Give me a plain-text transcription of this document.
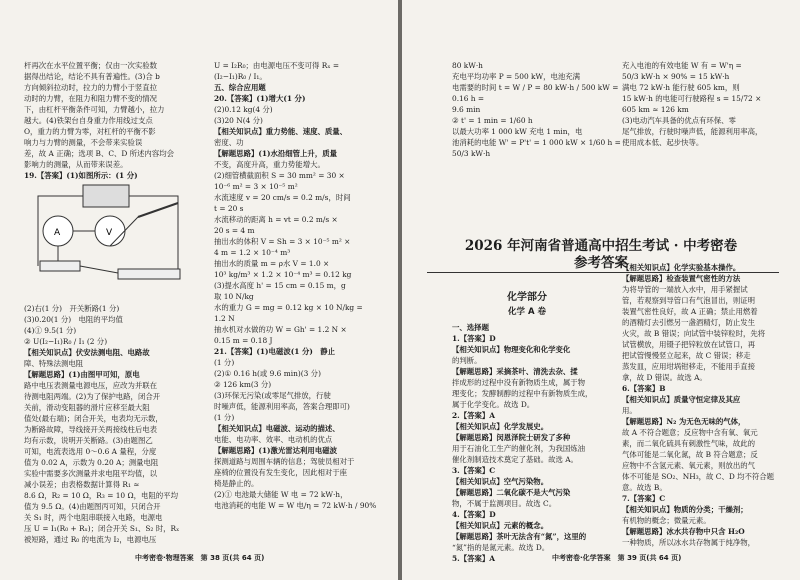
杆再次在水平位置平衡；仅由一次实验数

据得出结论，结论不具有普遍性。(3)合 b

方向倾斜拉动时，拉力的力臂小于竖直拉

动时的力臂，在阻力和阻力臂不变的情况

下，由杠杆平衡条件可知，力臂越小，拉力

越大。(4)铁架台自身重力作用线过支点

O，重力的力臂为零，对杠杆的平衡不影

响力与力臂的测量，不会带来实验误

差，故 A 正确；选项 B、C、D 所述内容均会

影响力的测量，从而带来误差。

19.【答案】(1)如图所示：(1 分)

A	V

(2)右(1 分)　开关断路(1 分)

(3)0.20(1 分)　电阻的平均值

(4)① 9.5(1 分)

② U(I₂−I₁)R₀ / I₁ (2 分)

【相关知识点】伏安法测电阻、电路故

障、特殊法测电阻

【解题思路】(1)由图甲可知，原电

路中电压表测量电源电压，应改为并联在

待测电阻两端。(2)为了保护电路，闭合开

关前，滑动变阻器的滑片应移至最大阻

值处(最右端)；闭合开关，电表均无示数，

为断路故障，导线接开关两接线柱后电表

均有示数，说明开关断路。(3)由题图乙

可知，电流表选用 0～0.6 A 量程，分度

值为 0.02 A，示数为 0.20 A；测量电阻

实验中需要多次测量并求电阻平均值，以

减小误差；由表格数据计算得 R₁ ≈

8.6 Ω，R₂ = 10 Ω，R₃ = 10 Ω，电阻的平均

值为 9.5 Ω。(4)由题图丙可知，只闭合开

关 S₁ 时，两个电阻串联接入电路，电源电

压 U = I₁(R₀ + Rₓ)；闭合开关 S₁、S₂ 时，Rₓ

被短路，通过 R₀ 的电流为 I₂，电源电压

U = I₂R₀；由电源电压不变可得 Rₓ =

(I₂−I₁)R₀ / I₁。

五、综合应用题

20.【答案】(1)增大(1 分)

(2)0.12 kg(4 分)

(3)20 N(4 分)

【相关知识点】重力势能、速度、质量、

密度、功

【解题思路】(1)水沿细管上升，质量

不变，高度升高，重力势能增大。

(2)细管横截面积 S = 30 mm² = 30 ×

10⁻⁶ m² = 3 × 10⁻⁵ m²

水流速度 v = 20 cm/s = 0.2 m/s，时间

t = 20 s

水流移动的距离 h = vt = 0.2 m/s ×

20 s = 4 m

抽出水的体积 V = Sh = 3 × 10⁻⁵ m² ×

4 m = 1.2 × 10⁻⁴ m³

抽出水的质量 m = ρ水 V = 1.0 ×

10³ kg/m³ × 1.2 × 10⁻⁴ m³ = 0.12 kg

(3)提水高度 h' = 15 cm = 0.15 m，g

取 10 N/kg

水的重力 G = mg = 0.12 kg × 10 N/kg =

1.2 N

抽水机对水做的功 W = Gh' = 1.2 N ×

0.15 m = 0.18 J

21.【答案】(1)电磁波(1 分)　静止

(1 分)

(2)① 0.16 h(或 9.6 min)(3 分)

② 126 km(3 分)

(3)环保无污染(或零尾气排放，行驶

时噪声低，能源利用率高，答案合理即可)

(1 分)

【相关知识点】电磁波、运动的描述、

电能、电功率、效率、电动机的优点

【解题思路】(1)激光雷达利用电磁波

探测道路与周围车辆的信息；驾驶员相对于

座椅的位置没有发生变化，因此相对于座

椅是静止的。

(2)① 电池最大储能 W 电 = 72 kW·h，

电池消耗的电能 W = W 电/η = 72 kW·h / 90%

中考密卷·物理答案　第 38 页(共 64 页)

80 kW·h

充电平均功率 P = 500 kW，电池充满

电需要的时间 t = W / P = 80 kW·h / 500 kW = 0.16 h =

9.6 min

② t' = 1 min = 1/60 h

以最大功率 1 000 kW 充电 1 min，电

池消耗的电能 W' = P't' = 1 000 kW × 1/60 h =

50/3 kW·h

充入电池的有效电能 W 有 = W'η =

50/3 kW·h × 90% = 15 kW·h

满电 72 kW·h 能行驶 605 km，则

15 kW·h 的电能可行驶路程 s = 15/72 ×

605 km ≈ 126 km

(3)电动汽车具备的优点有环保、零

尾气排放，行驶时噪声低，能源利用率高，

使用成本低、起步快等。

2026 年河南省普通高中招生考试 · 中考密卷
参考答案
化学部分
化学 A 卷

一、选择题

1.【答案】D

【相关知识点】物理变化和化学变化

的判断。

【解题思路】采摘茶叶、清洗去杂、揉

拌成形的过程中没有新物质生成，属于物

理变化；发酵制醇的过程中有新物质生成，

属于化学变化。故选 D。

2.【答案】A

【相关知识点】化学发展史。

【解题思路】闵恩泽院士研发了多种

用于石油化工生产的催化剂，为我国炼油

催化剂制造技术奠定了基础。故选 A。

3.【答案】C

【相关知识点】空气污染物。

【解题思路】二氧化碳不是大气污染

物，不属于监测项目。故选 C。

4.【答案】D

【相关知识点】元素的概念。

【解题思路】茶叶无法含有“氮”，这里的

“氮”指的是氮元素。故选 D。

5.【答案】A

【相关知识点】化学实验基本操作。

【解题思路】检查装置气密性的方法

为将导管的一端放入水中，用手紧握试

管，若观察到导管口有气泡冒出，则证明

装置气密性良好，故 A 正确；禁止用燃着

的酒精灯去引燃另一盏酒精灯，防止发生

火灾，故 B 错误；向试管中装锌粒时，先将

试管横放，用镊子把锌粒放在试管口，再

把试管慢慢竖立起来，故 C 错误；移走

蒸发皿，应用坩埚钳移走，不能用手直接

拿，故 D 错误。故选 A。

6.【答案】B

【相关知识点】质量守恒定律及其应

用。

【解题思路】N₂ 为无色无味的气体，

故 A 不符合题意；反应物中含有氧、氧元

素，而二氧化硫具有刺激性气味，故此的

气体可能是二氧化氮，故 B 符合题意；反

应物中不含氢元素、氧元素，则放出的气

体不可能是 SO₂、NH₃，故 C、D 均不符合题

意。故选 B。

7.【答案】C

【相关知识点】物质的分类；干燥剂；

有机物的概念；微量元素。

【解题思路】冰水共存物中只含 H₂O

一种物质，所以冰水共存物属于纯净物，

中考密卷·化学答案　第 39 页(共 64 页)
